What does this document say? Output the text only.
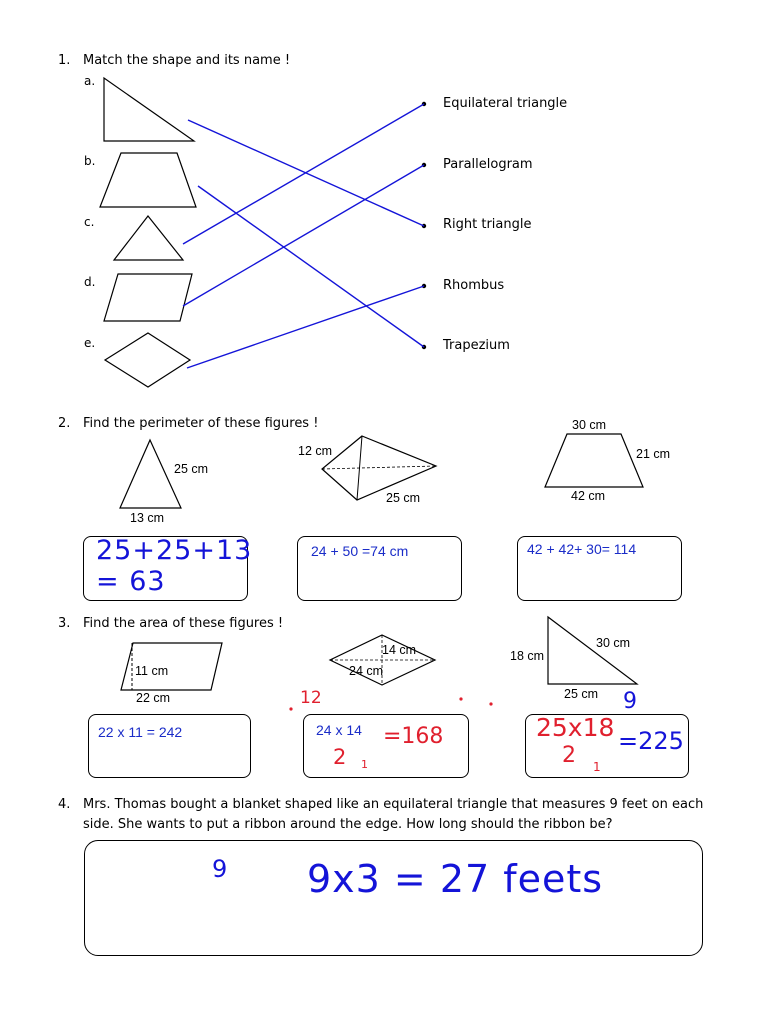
1. Match the shape and its name !
a.
b.
c.
d.
e.
Equilateral triangle
Parallelogram
Right triangle
Rhombus
Trapezium
25 cm
13 cm
12 cm
25 cm
30 cm
21 cm
42 cm
2. Find the perimeter of these figures !
25+25+13
= 63
24 + 50 =74 cm	42 + 42+ 30= 114
3. Find the area of these figures !
11 cm
22 cm
14 cm
24 cm
30 cm
18 cm
25 cm
22 x 11 = 242	24 x 14
2 1
=168
12
25x18
2 1
=225
9
4. Mrs. Thomas bought a blanket shaped like an equilateral triangle that measures 9 feet on each
side. She wants to put a ribbon around the edge. How long should the ribbon be?
9 9x3 = 27 feets
